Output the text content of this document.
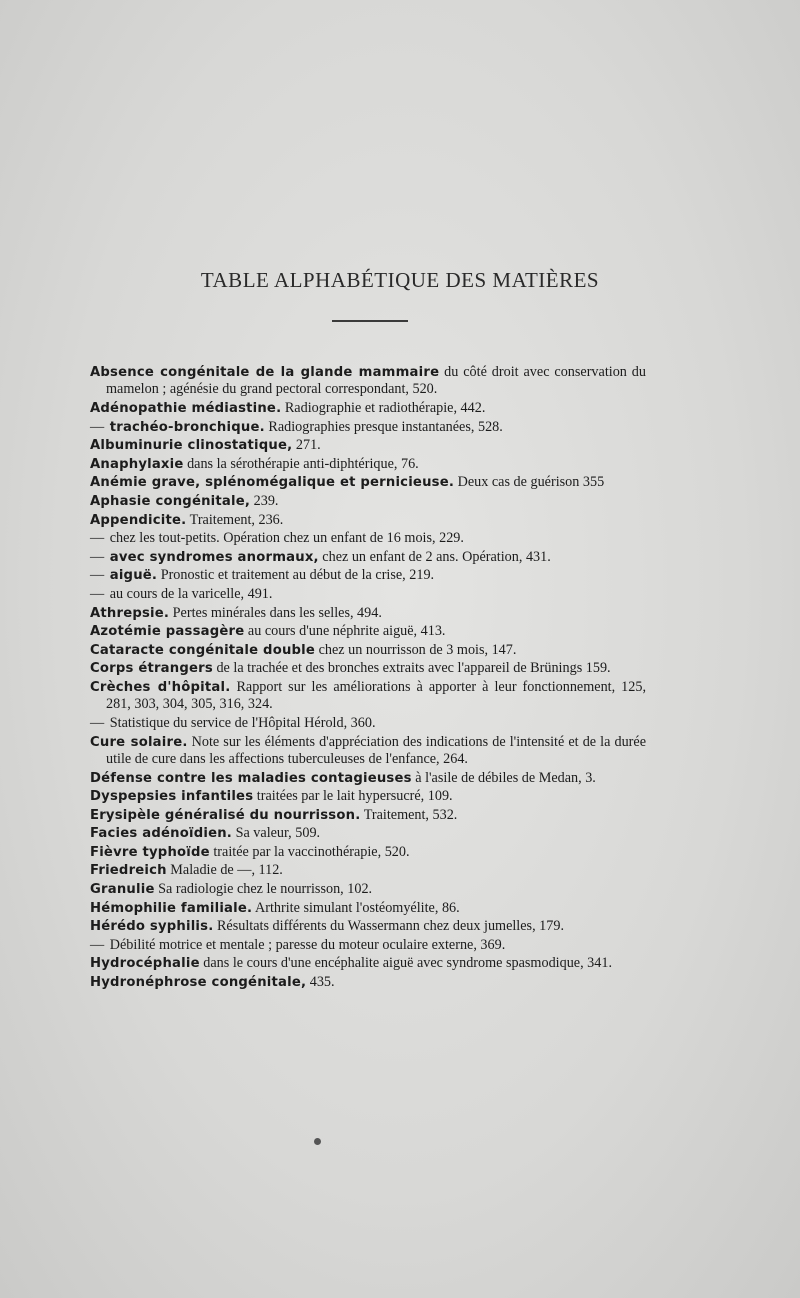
TABLE ALPHABÉTIQUE DES MATIÈRES
Absence congénitale de la glande mammaire du côté droit avec conservation du mamelon ; agénésie du grand pectoral correspondant, 520.
Adénopathie médiastine. Radiographie et radiothérapie, 442.
— trachéo-bronchique. Radiographies presque instantanées, 528.
Albuminurie clinostatique, 271.
Anaphylaxie dans la sérothérapie anti-diphtérique, 76.
Anémie grave, splénomégalique et pernicieuse. Deux cas de guérison 355
Aphasie congénitale, 239.
Appendicite. Traitement, 236.
— chez les tout-petits. Opération chez un enfant de 16 mois, 229.
— avec syndromes anormaux, chez un enfant de 2 ans. Opération, 431.
— aiguë. Pronostic et traitement au début de la crise, 219.
— au cours de la varicelle, 491.
Athrepsie. Pertes minérales dans les selles, 494.
Azotémie passagère au cours d'une néphrite aiguë, 413.
Cataracte congénitale double chez un nourrisson de 3 mois, 147.
Corps étrangers de la trachée et des bronches extraits avec l'appareil de Brünings 159.
Crèches d'hôpital. Rapport sur les améliorations à apporter à leur fonctionnement, 125, 281, 303, 304, 305, 316, 324.
— Statistique du service de l'Hôpital Hérold, 360.
Cure solaire. Note sur les éléments d'appréciation des indications de l'intensité et de la durée utile de cure dans les affections tuberculeuses de l'enfance, 264.
Défense contre les maladies contagieuses à l'asile de débiles de Medan, 3.
Dyspepsies infantiles traitées par le lait hypersucré, 109.
Erysipèle généralisé du nourrisson. Traitement, 532.
Facies adénoïdien. Sa valeur, 509.
Fièvre typhoïde traitée par la vaccinothérapie, 520.
Friedreich Maladie de —, 112.
Granulie Sa radiologie chez le nourrisson, 102.
Hémophilie familiale. Arthrite simulant l'ostéomyélite, 86.
Hérédo syphilis. Résultats différents du Wassermann chez deux jumelles, 179.
— Débilité motrice et mentale ; paresse du moteur oculaire externe, 369.
Hydrocéphalie dans le cours d'une encéphalite aiguë avec syndrome spasmodique, 341.
Hydronéphrose congénitale, 435.
